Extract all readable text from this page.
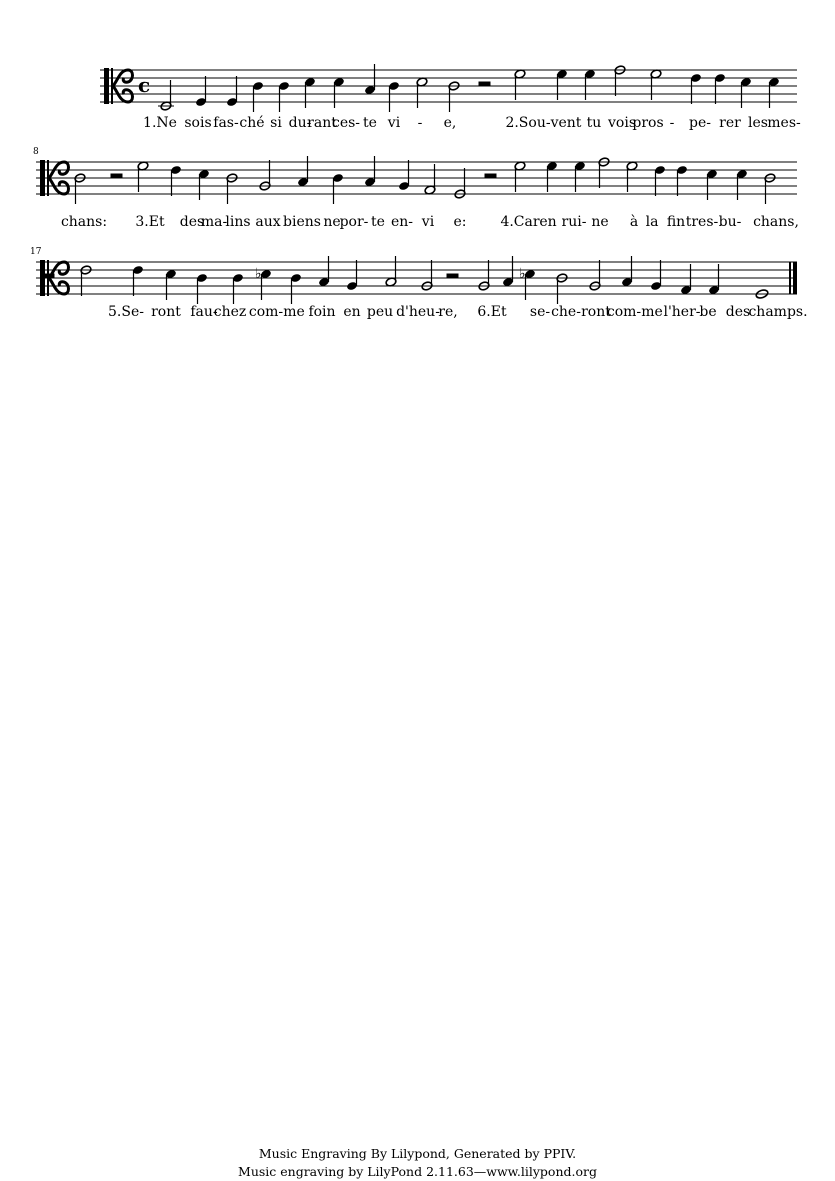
c
1.Ne sois fas- ché si du-
rant
ces- te vi - e,	2.Sou- vent tu vois
pros - pe- rer les mes-
8
chans: 3.Et des
ma-
lins aux biens ne
por- te en- vi e: 4.Car en rui- ne à la fin tres- bu- chans,
17
♭	♭
5.Se- ront fau-
chez com- me foin en peu d'heu-
re, 6.Et se- che- ront
com- me l'her-
be des
champs.
Music Engraving By Lilypond, Generated by PPIV.
Music engraving by LilyPond 2.11.63—www.lilypond.org
